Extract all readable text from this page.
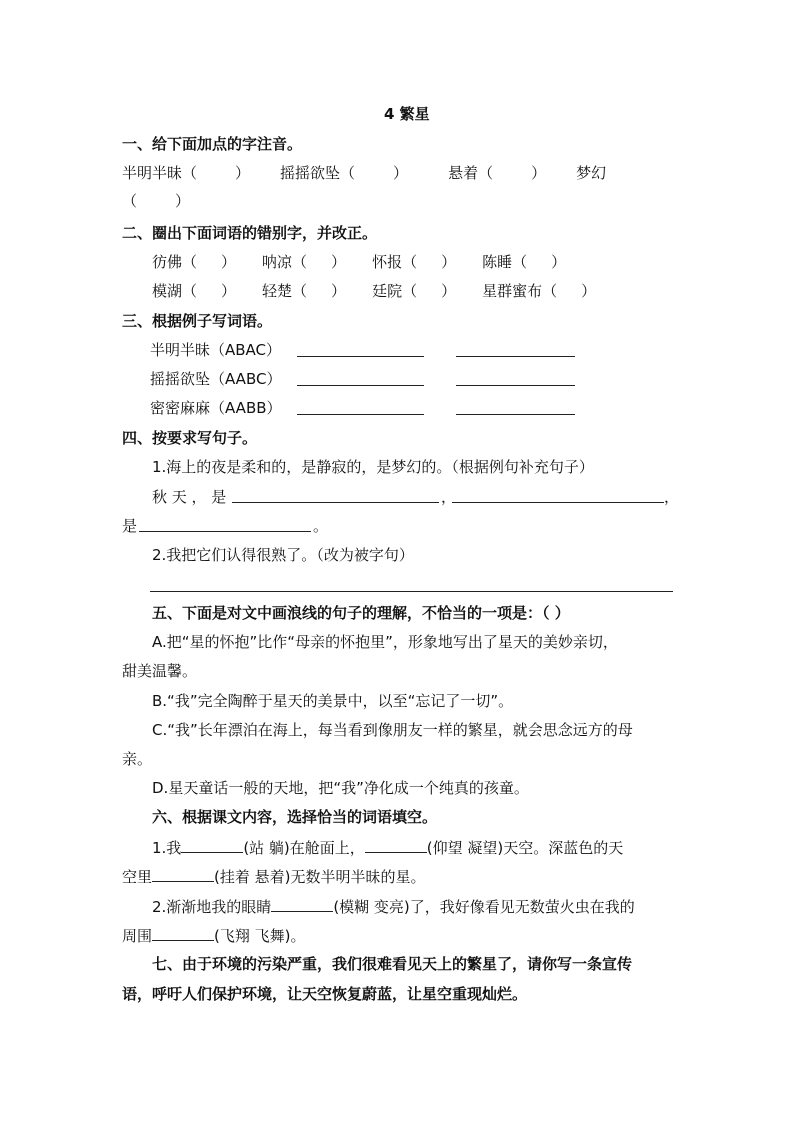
4 繁星
一、给下面加点的字注音。
半明半昧（	） 摇摇欲坠（	）	悬着（	） 梦幻
（	）
二、圈出下面词语的错别字，并改正。
彷佛（ ） 呐凉（ ） 怀报（ ） 陈睡（ ）
模湖（ ） 轻楚（ ） 廷院（ ） 星群蜜布（ ）
三、根据例子写词语。
半明半昧（ABAC）
摇摇欲坠（AABC）
密密麻麻（AABB）
四、按要求写句子。
1.海上的夜是柔和的，是静寂的，是梦幻的。（根据例句补充句子）
秋 天 ， 是	，	，
是	。
2.我把它们认得很熟了。（改为被字句）
五、下面是对文中画浪线的句子的理解，不恰当的一项是：（ ）
A.把“星的怀抱”比作“母亲的怀抱里”，形象地写出了星天的美妙亲切，
甜美温馨。
B.“我”完全陶醉于星天的美景中，以至“忘记了一切”。
C.“我”长年漂泊在海上，每当看到像朋友一样的繁星，就会思念远方的母
亲。
D.星天童话一般的天地，把“我”净化成一个纯真的孩童。
六、根据课文内容，选择恰当的词语填空。
1.我	(站 躺)在舱面上，	(仰望 凝望)天空。深蓝色的天
空里	(挂着 悬着)无数半明半昧的星。
2.渐渐地我的眼睛	(模糊 变亮)了，我好像看见无数萤火虫在我的
周围	(飞翔 飞舞)。
七、由于环境的污染严重，我们很难看见天上的繁星了，请你写一条宣传
语，呼吁人们保护环境，让天空恢复蔚蓝，让星空重现灿烂。
